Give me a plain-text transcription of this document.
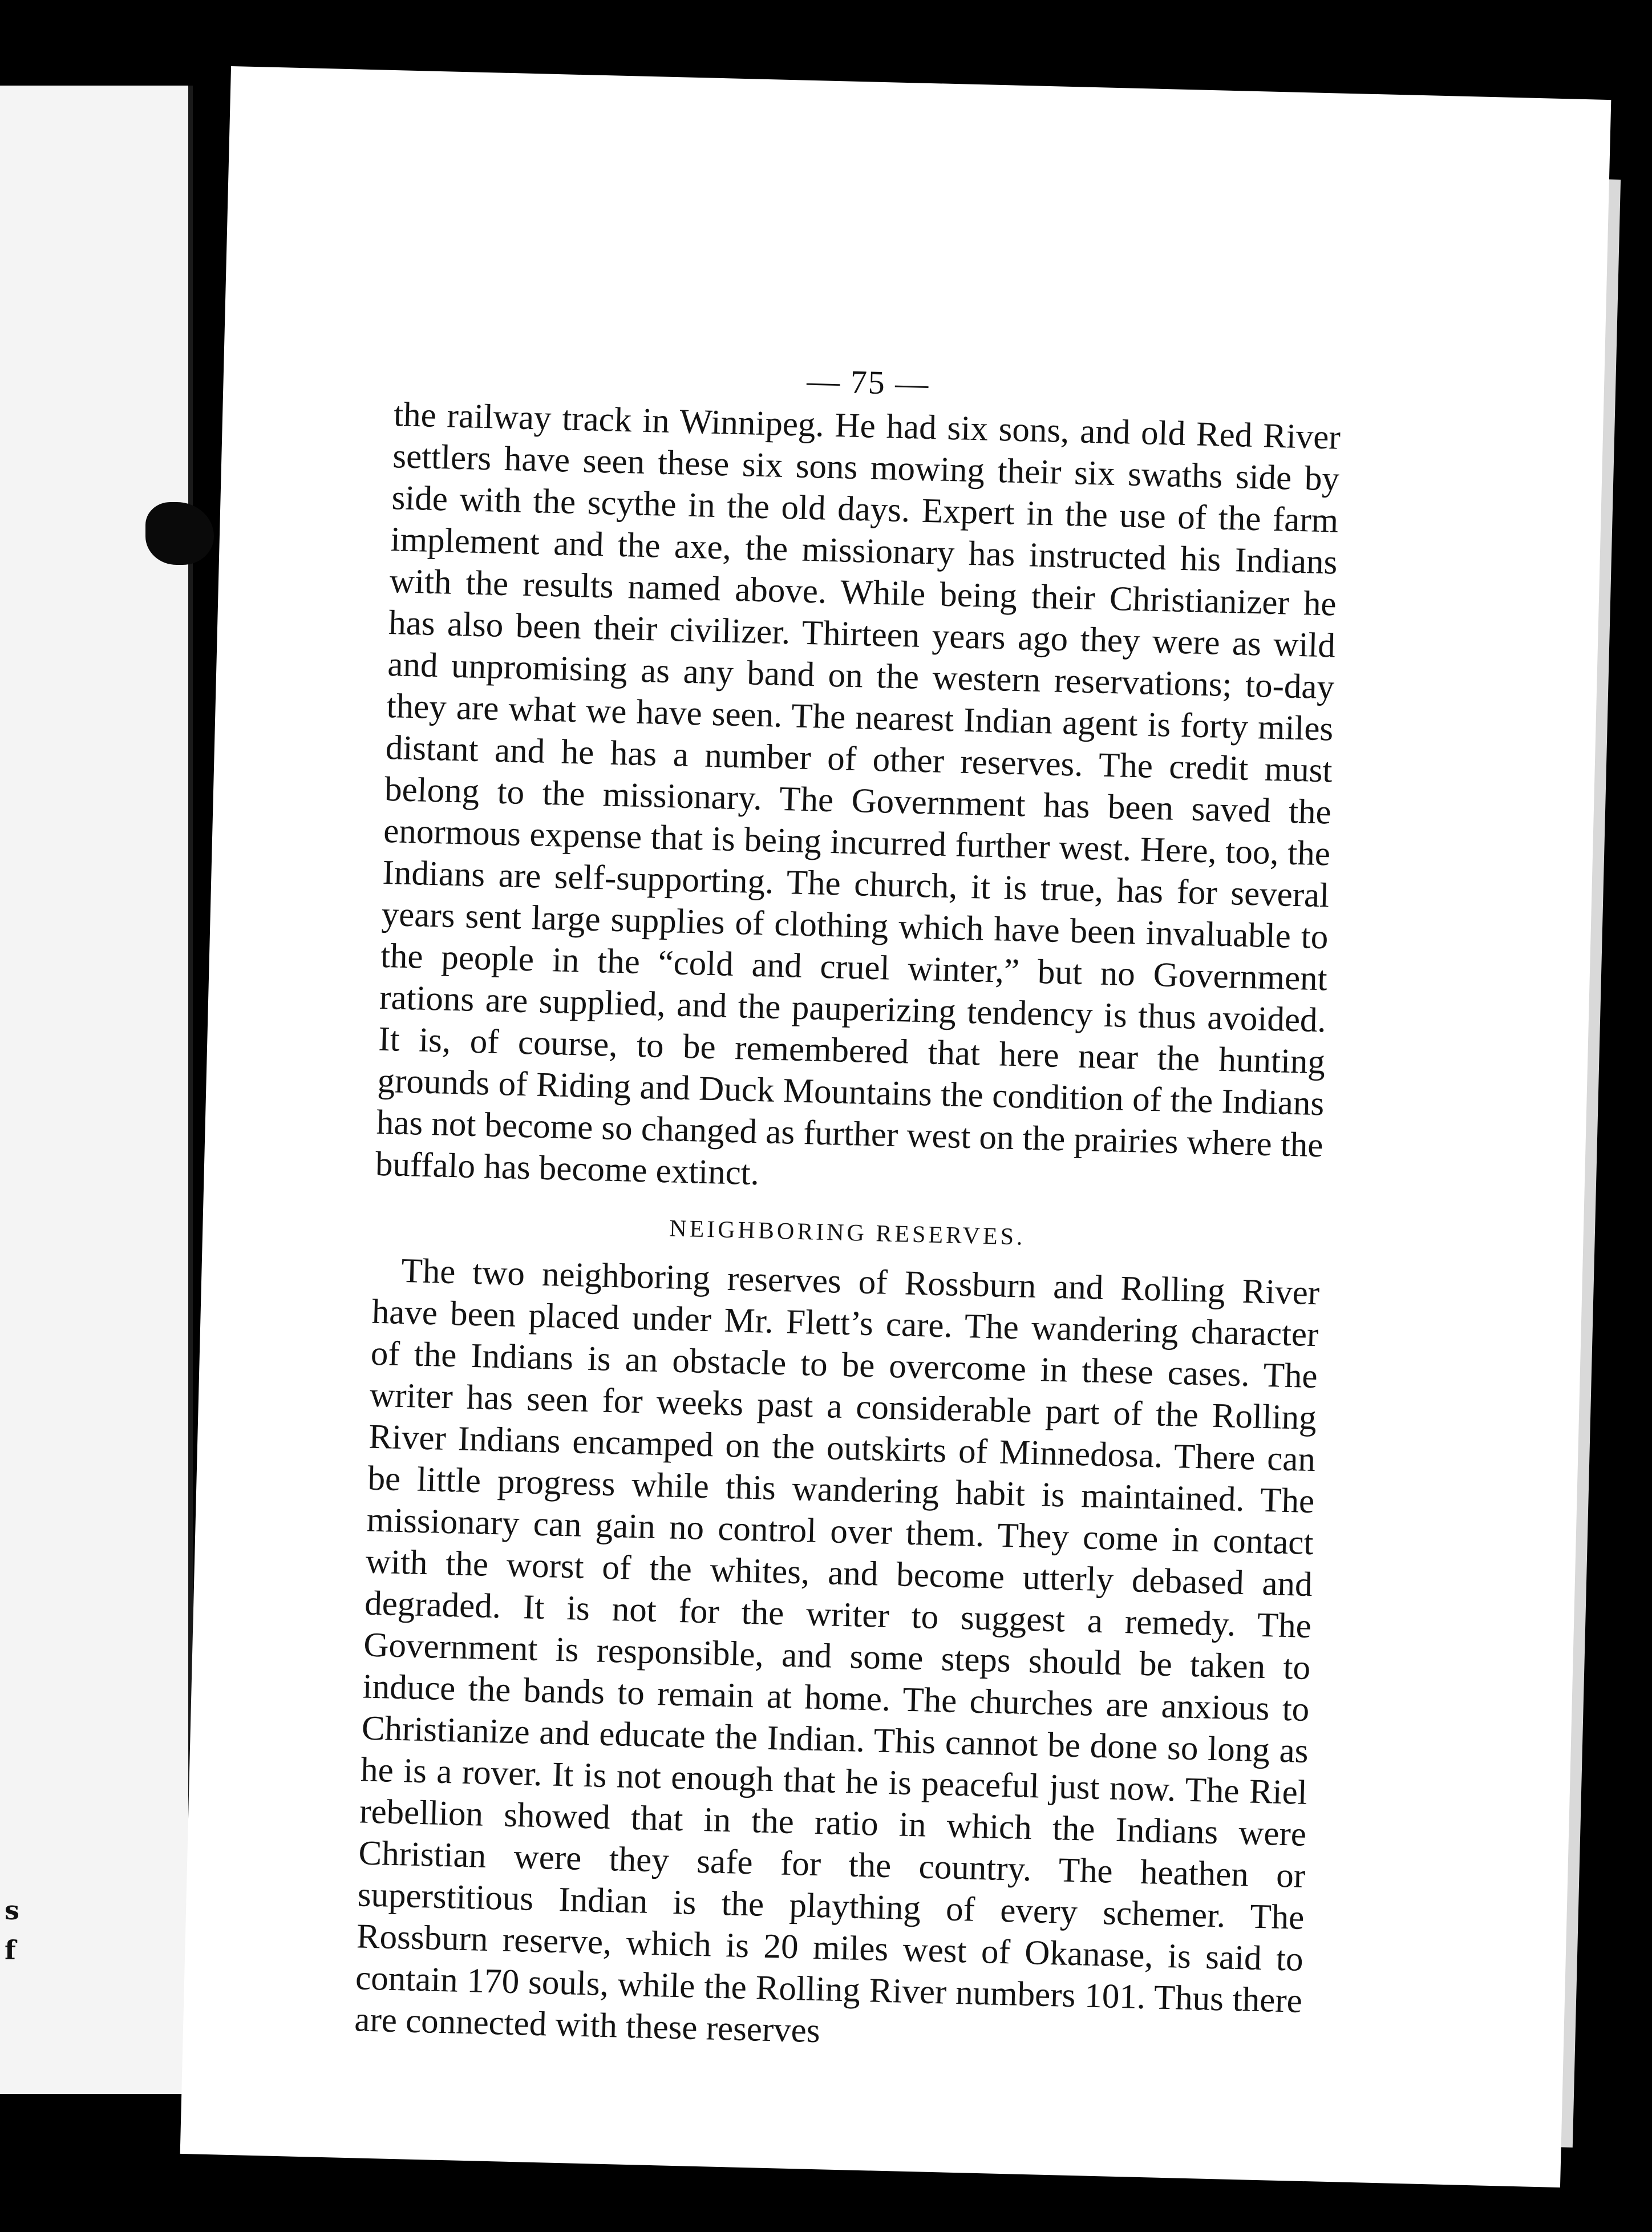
s
f
— 75 —

the railway track in Winnipeg. He had six sons, and old Red River settlers have seen these six sons mowing their six swaths side by side with the scythe in the old days. Expert in the use of the farm implement and the axe, the missionary has instructed his Indians with the results named above. While being their Christianizer he has also been their civilizer. Thirteen years ago they were as wild and unpromising as any band on the western reservations; to-day they are what we have seen. The nearest Indian agent is forty miles distant and he has a number of other reserves. The credit must belong to the missionary. The Government has been saved the enormous expense that is being incurred further west. Here, too, the Indians are self-supporting. The church, it is true, has for several years sent large supplies of clothing which have been invaluable to the people in the “cold and cruel winter,” but no Government rations are supplied, and the pauperizing tendency is thus avoided. It is, of course, to be remembered that here near the hunting grounds of Riding and Duck Mountains the condition of the Indians has not become so changed as further west on the prairies where the buffalo has become extinct.

NEIGHBORING RESERVES.

The two neighboring reserves of Rossburn and Rolling River have been placed under Mr. Flett’s care. The wandering character of the Indians is an obstacle to be overcome in these cases. The writer has seen for weeks past a considerable part of the Rolling River Indians encamped on the outskirts of Minnedosa. There can be little progress while this wandering habit is maintained. The missionary can gain no control over them. They come in contact with the worst of the whites, and become utterly debased and degraded. It is not for the writer to suggest a remedy. The Government is responsible, and some steps should be taken to induce the bands to remain at home. The churches are anxious to Christianize and educate the Indian. This cannot be done so long as he is a rover. It is not enough that he is peaceful just now. The Riel rebellion showed that in the ratio in which the Indians were Christian were they safe for the country. The heathen or superstitious Indian is the plaything of every schemer. The Rossburn reserve, which is 20 miles west of Okanase, is said to contain 170 souls, while the Rolling River numbers 101. Thus there are connected with these reserves
